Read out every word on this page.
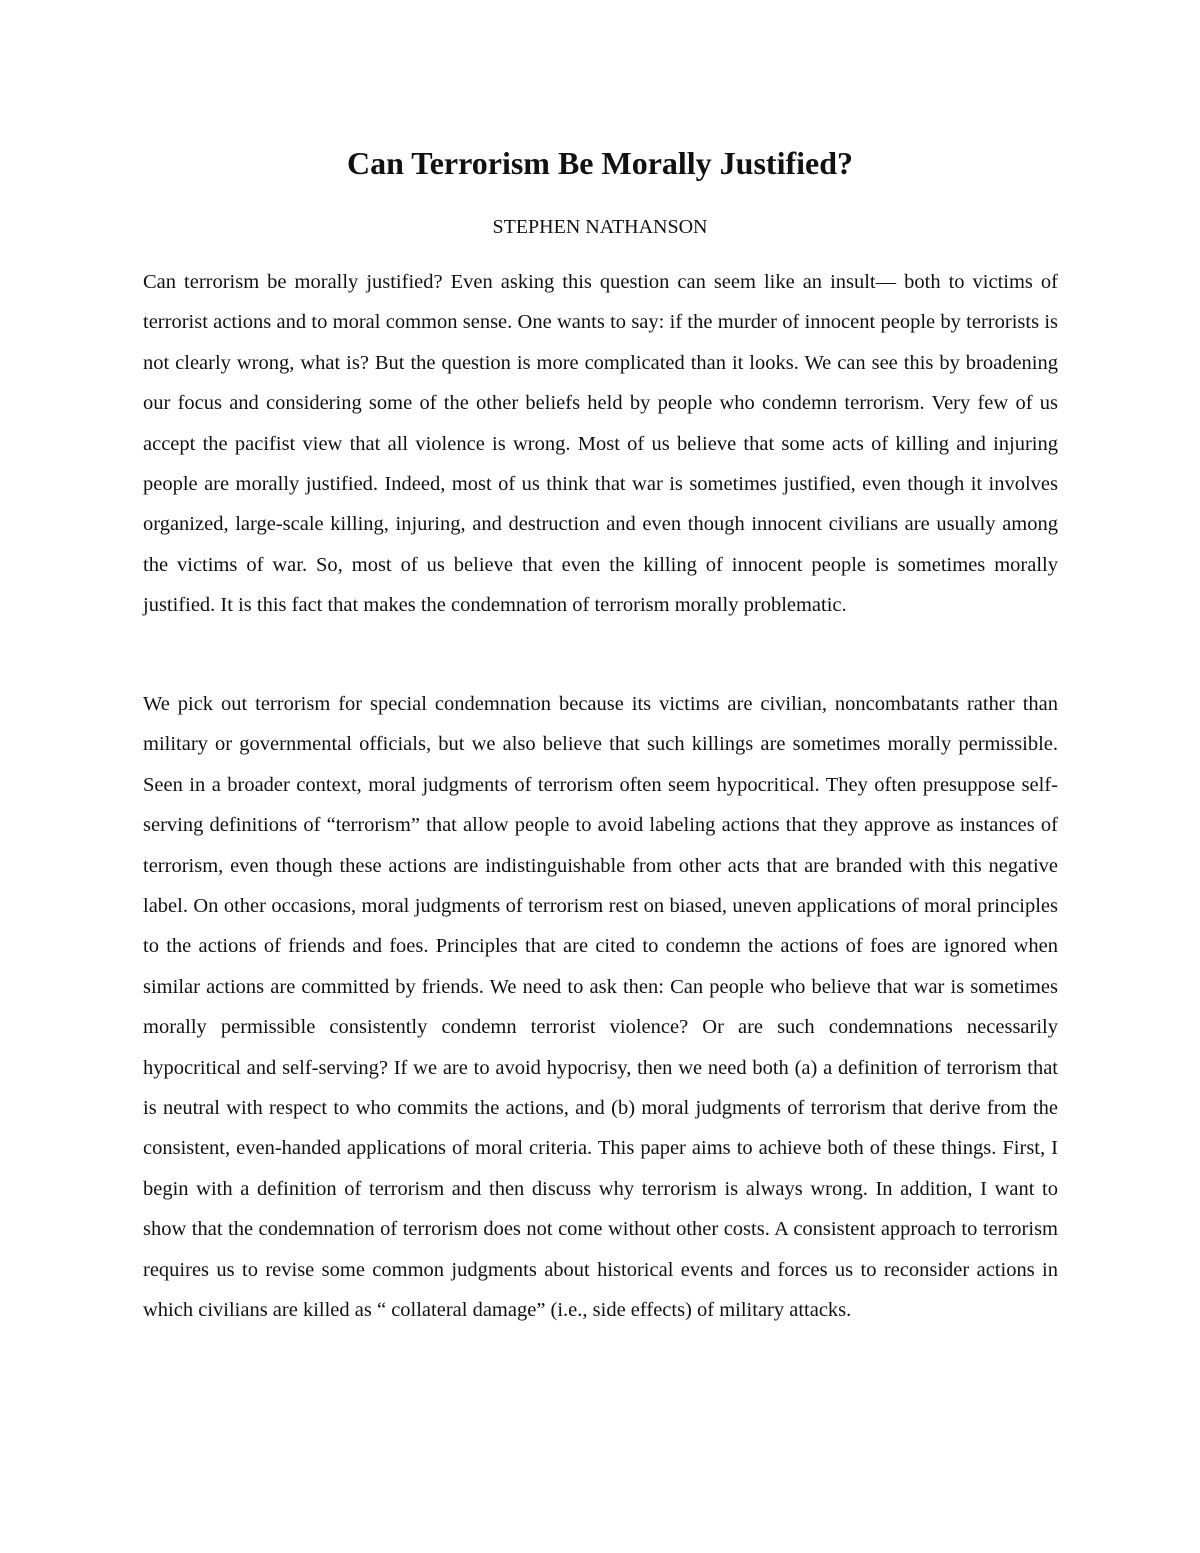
Can Terrorism Be Morally Justified?

STEPHEN NATHANSON

Can terrorism be morally justified? Even asking this question can seem like an insult— both to victims of terrorist actions and to moral common sense. One wants to say: if the murder of innocent people by terrorists is not clearly wrong, what is? But the question is more complicated than it looks. We can see this by broadening our focus and considering some of the other beliefs held by people who condemn terrorism. Very few of us accept the pacifist view that all violence is wrong. Most of us believe that some acts of killing and injuring people are morally justified. Indeed, most of us think that war is sometimes justified, even though it involves organized, large-scale killing, injuring, and destruction and even though innocent civilians are usually among the victims of war. So, most of us believe that even the killing of innocent people is sometimes morally justified. It is this fact that makes the condemnation of terrorism morally problematic.

We pick out terrorism for special condemnation because its victims are civilian, noncombatants rather than military or governmental officials, but we also believe that such killings are sometimes morally permissible. Seen in a broader context, moral judgments of terrorism often seem hypocritical. They often presuppose self-serving definitions of “terrorism” that allow people to avoid labeling actions that they approve as instances of terrorism, even though these actions are indistinguishable from other acts that are branded with this negative label. On other occasions, moral judgments of terrorism rest on biased, uneven applications of moral principles to the actions of friends and foes. Principles that are cited to condemn the actions of foes are ignored when similar actions are committed by friends. We need to ask then: Can people who believe that war is sometimes morally permissible consistently condemn terrorist violence? Or are such condemnations necessarily hypocritical and self-serving? If we are to avoid hypocrisy, then we need both (a) a definition of terrorism that is neutral with respect to who commits the actions, and (b) moral judgments of terrorism that derive from the consistent, even-handed applications of moral criteria. This paper aims to achieve both of these things. First, I begin with a definition of terrorism and then discuss why terrorism is always wrong. In addition, I want to show that the condemnation of terrorism does not come without other costs. A consistent approach to terrorism requires us to revise some common judgments about historical events and forces us to reconsider actions in which civilians are killed as “ collateral damage” (i.e., side effects) of military attacks.
